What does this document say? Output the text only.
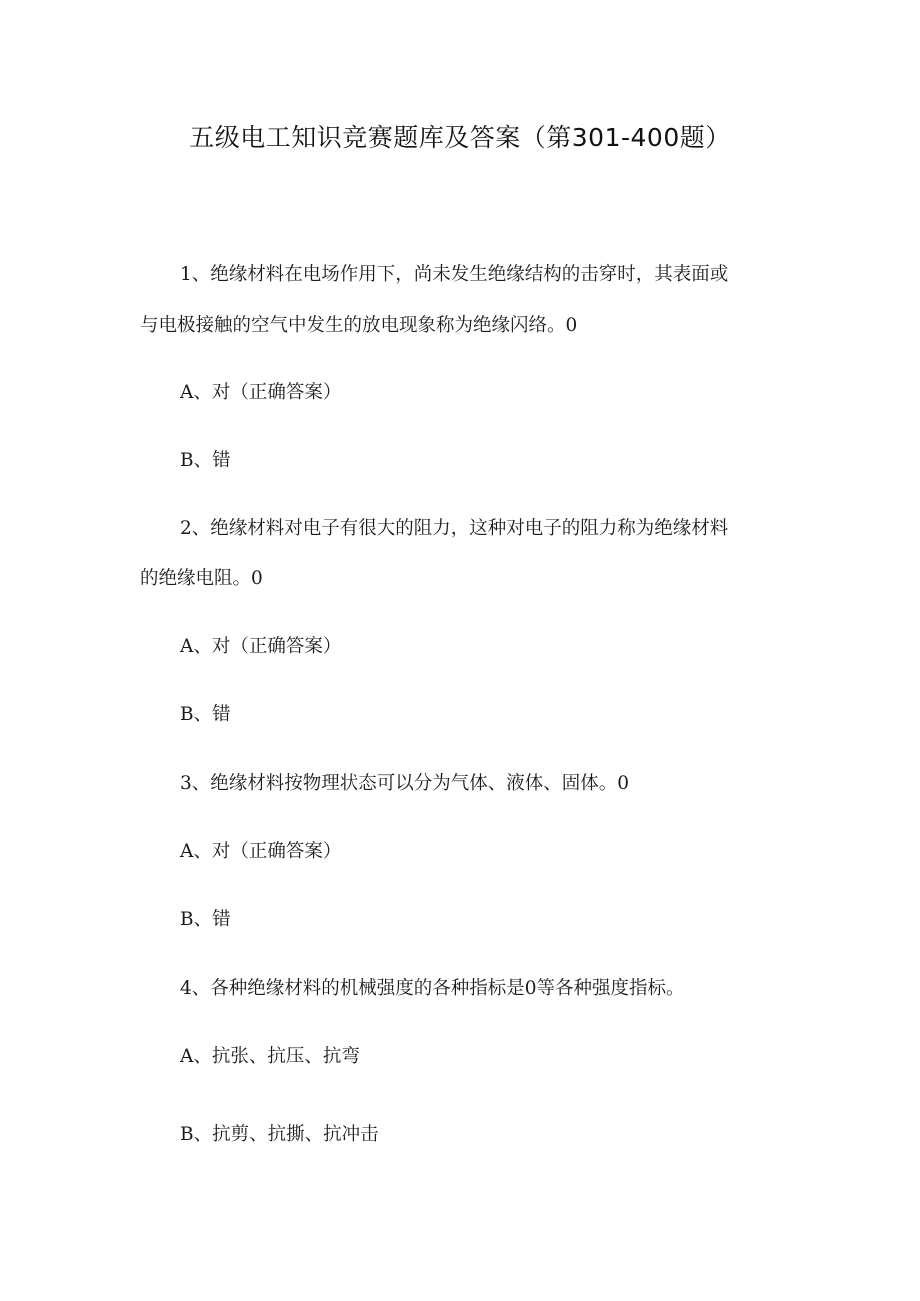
五级电工知识竞赛题库及答案（第301-400题）
1、绝缘材料在电场作用下，尚未发生绝缘结构的击穿时，其表面或
与电极接触的空气中发生的放电现象称为绝缘闪络。0
A、对（正确答案）
B、错
2、绝缘材料对电子有很大的阻力，这种对电子的阻力称为绝缘材料
的绝缘电阻。0
A、对（正确答案）
B、错
3、绝缘材料按物理状态可以分为气体、液体、固体。0
A、对（正确答案）
B、错
4、各种绝缘材料的机械强度的各种指标是0等各种强度指标。
A、抗张、抗压、抗弯
B、抗剪、抗撕、抗冲击
